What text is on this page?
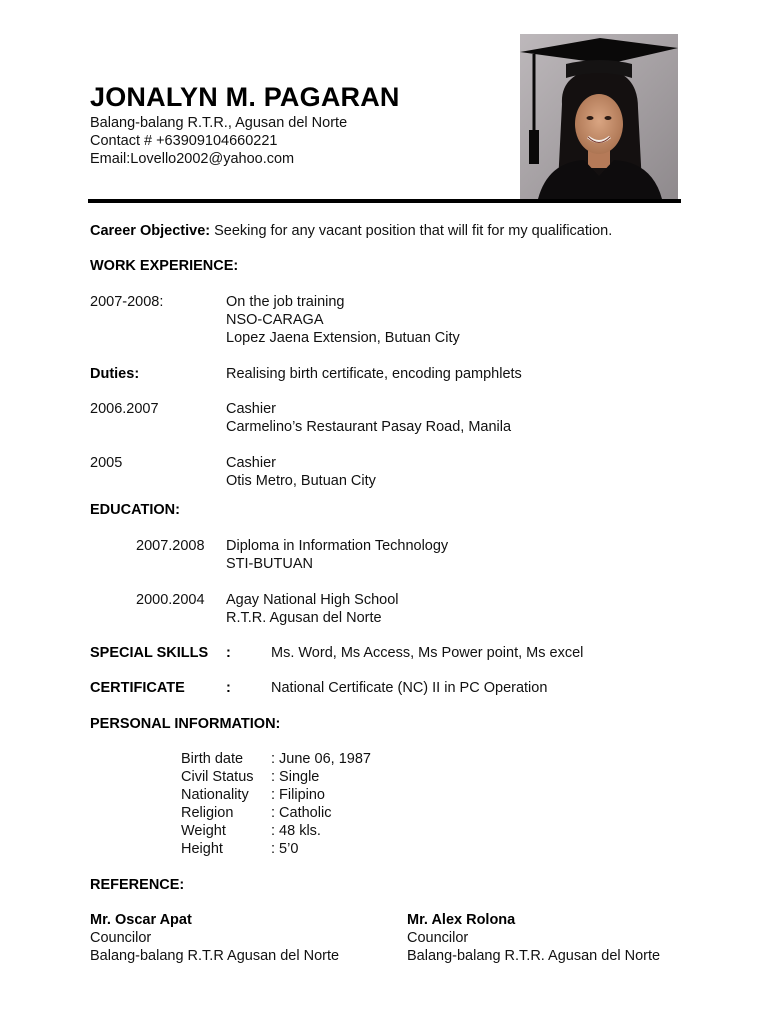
JONALYN M. PAGARAN
Balang-balang R.T.R., Agusan del Norte
Contact # +63909104660221
Email:Lovello2002@yahoo.com
Career Objective: Seeking for any vacant position that will fit for my qualification.
WORK EXPERIENCE:
2007-2008:	On the job training
NSO-CARAGA
Lopez Jaena Extension, Butuan City
Duties:	Realising birth certificate, encoding pamphlets
2006.2007	Cashier
Carmelino’s Restaurant Pasay Road, Manila
2005	Cashier
Otis Metro, Butuan City
EDUCATION:
2007.2008 Diploma in Information Technology
STI-BUTUAN
2000.2004 Agay National High School
R.T.R. Agusan del Norte
SPECIAL SKILLS :	Ms. Word, Ms Access, Ms Power point, Ms excel
CERTIFICATE	:	National Certificate (NC) II in PC Operation
PERSONAL INFORMATION:
Birth date : June 06, 1987
Civil Status : Single
Nationality : Filipino
Religion	: Catholic
Weight	: 48 kls.
Height	: 5’0
REFERENCE:
Mr. Oscar Apat
Councilor
Balang-balang R.T.R Agusan del Norte
Mr. Alex Rolona
Councilor
Balang-balang R.T.R. Agusan del Norte
